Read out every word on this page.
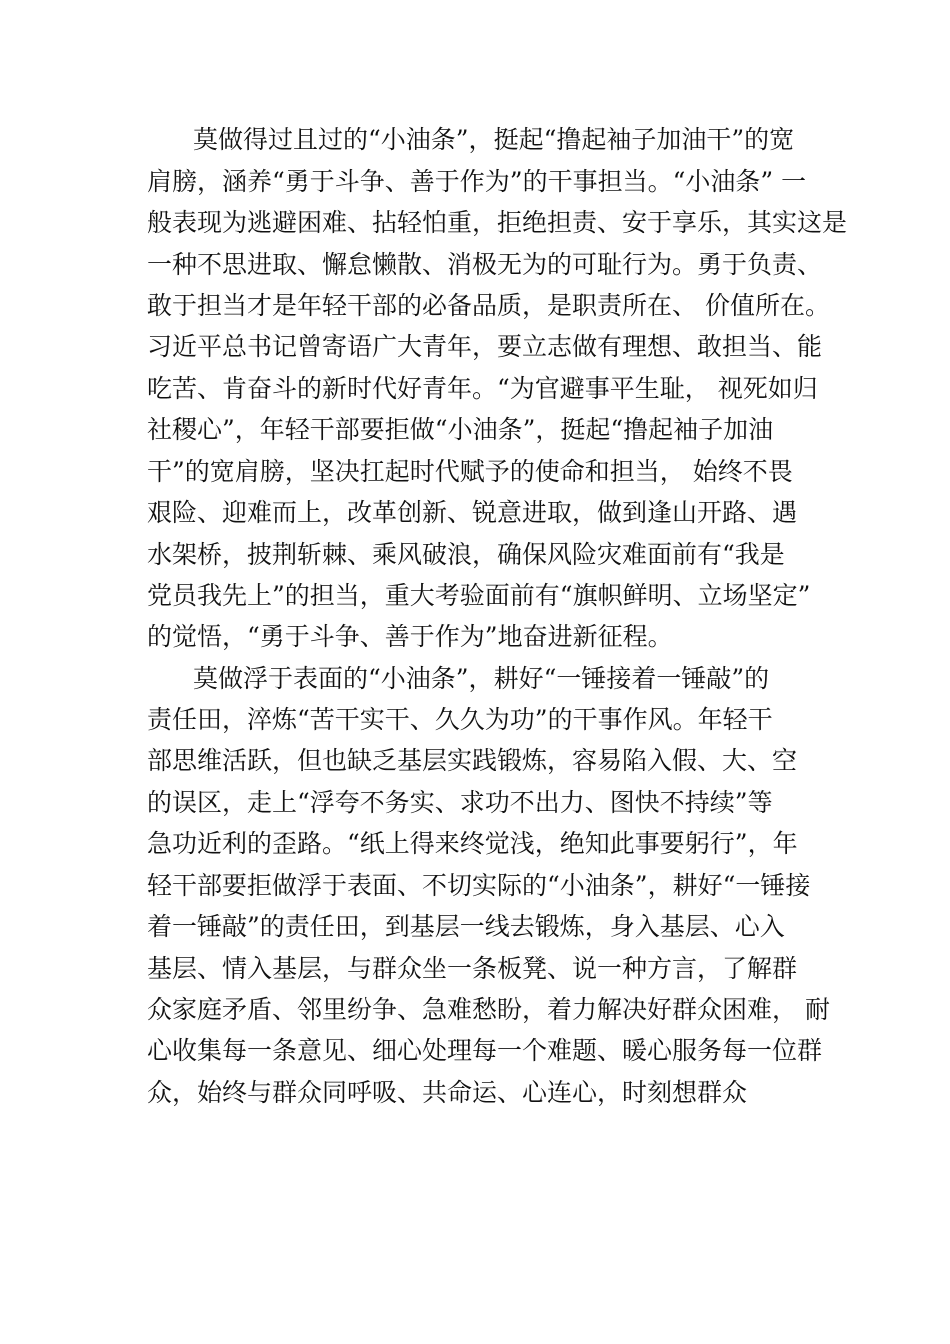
莫做得过且过的“小油条”，挺起“撸起袖子加油干”的宽
肩膀，涵养“勇于斗争、善于作为”的干事担当。“小油条” 一
般表现为逃避困难、拈轻怕重，拒绝担责、安于享乐，其实这是
一种不思进取、懈怠懒散、消极无为的可耻行为。勇于负责、
敢于担当才是年轻干部的必备品质，是职责所在、 价值所在。
习近平总书记曾寄语广大青年，要立志做有理想、敢担当、能
吃苦、肯奋斗的新时代好青年。“为官避事平生耻， 视死如归
社稷心”，年轻干部要拒做“小油条”，挺起“撸起袖子加油
干”的宽肩膀，坚决扛起时代赋予的使命和担当， 始终不畏
艰险、迎难而上，改革创新、锐意进取，做到逢山开路、遇
水架桥，披荆斩棘、乘风破浪，确保风险灾难面前有“我是
党员我先上”的担当，重大考验面前有“旗帜鲜明、立场坚定”
的觉悟，“勇于斗争、善于作为”地奋进新征程。
莫做浮于表面的“小油条”，耕好“一锤接着一锤敲”的
责任田，淬炼“苦干实干、久久为功”的干事作风。年轻干
部思维活跃，但也缺乏基层实践锻炼，容易陷入假、大、空
的误区，走上“浮夸不务实、求功不出力、图快不持续”等
急功近利的歪路。“纸上得来终觉浅，绝知此事要躬行”，年
轻干部要拒做浮于表面、不切实际的“小油条”，耕好“一锤接
着一锤敲”的责任田，到基层一线去锻炼，身入基层、心入
基层、情入基层，与群众坐一条板凳、说一种方言，了解群
众家庭矛盾、邻里纷争、急难愁盼，着力解决好群众困难， 耐
心收集每一条意见、细心处理每一个难题、暖心服务每一位群
众，始终与群众同呼吸、共命运、心连心，时刻想群众
